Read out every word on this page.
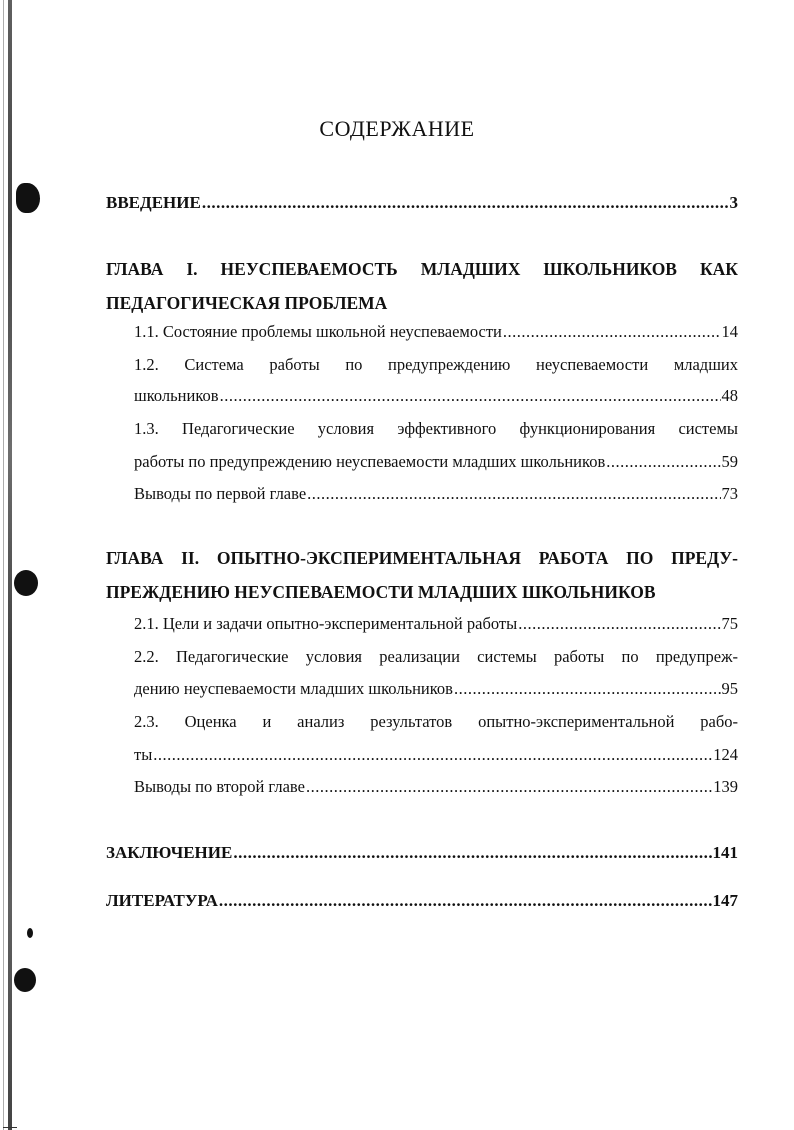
СОДЕРЖАНИЕ
ВВЕДЕНИЕ .....	3
ГЛАВА I. НЕУСПЕВАЕМОСТЬ МЛАДШИХ ШКОЛЬНИКОВ КАК
ПЕДАГОГИЧЕСКАЯ ПРОБЛЕМА
1.1. Состояние проблемы школьной неуспеваемости .....	14
1.2. Система работы по предупреждению неуспеваемости младших
школьников .....	48
1.3. Педагогические условия эффективного функционирования системы
работы по предупреждению неуспеваемости младших школьников .....	59
Выводы по первой главе .....	73
ГЛАВА II. ОПЫТНО-ЭКСПЕРИМЕНТАЛЬНАЯ РАБОТА ПО ПРЕДУ-
ПРЕЖДЕНИЮ НЕУСПЕВАЕМОСТИ МЛАДШИХ ШКОЛЬНИКОВ
2.1. Цели и задачи опытно-экспериментальной работы .....	75
2.2. Педагогические условия реализации системы работы по предупреж-
дению неуспеваемости младших школьников .....	95
2.3. Оценка и анализ результатов опытно-экспериментальной рабо-
ты .....	124
Выводы по второй главе .....	139
ЗАКЛЮЧЕНИЕ .....	141
ЛИТЕРАТУРА .....	147
